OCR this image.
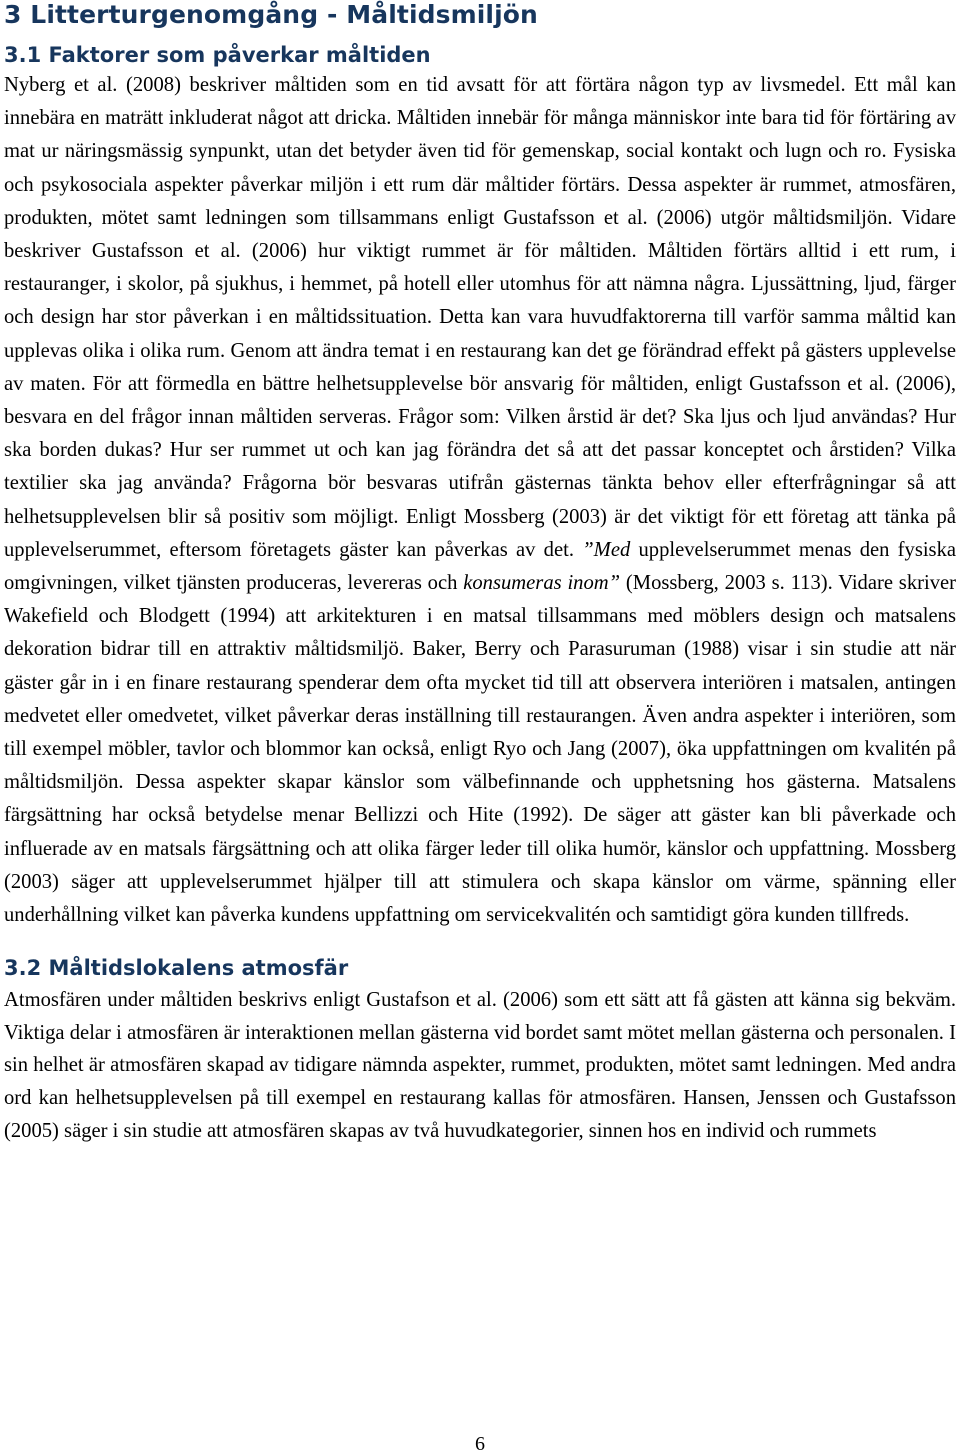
3 Litterturgenomgång - Måltidsmiljön
3.1 Faktorer som påverkar måltiden

Nyberg et al. (2008) beskriver måltiden som en tid avsatt för att förtära någon typ av livsmedel. Ett mål kan innebära en maträtt inkluderat något att dricka. Måltiden innebär för många människor inte bara tid för förtäring av mat ur näringsmässig synpunkt, utan det betyder även tid för gemenskap, social kontakt och lugn och ro. Fysiska och psykosociala aspekter påverkar miljön i ett rum där måltider förtärs. Dessa aspekter är rummet, atmosfären, produkten, mötet samt ledningen som tillsammans enligt Gustafsson et al. (2006) utgör måltidsmiljön. Vidare beskriver Gustafsson et al. (2006) hur viktigt rummet är för måltiden. Måltiden förtärs alltid i ett rum, i restauranger, i skolor, på sjukhus, i hemmet, på hotell eller utomhus för att nämna några. Ljussättning, ljud, färger och design har stor påverkan i en måltidssituation. Detta kan vara huvudfaktorerna till varför samma måltid kan upplevas olika i olika rum. Genom att ändra temat i en restaurang kan det ge förändrad effekt på gästers upplevelse av maten. För att förmedla en bättre helhetsupplevelse bör ansvarig för måltiden, enligt Gustafsson et al. (2006), besvara en del frågor innan måltiden serveras. Frågor som: Vilken årstid är det? Ska ljus och ljud användas? Hur ska borden dukas? Hur ser rummet ut och kan jag förändra det så att det passar konceptet och årstiden? Vilka textilier ska jag använda? Frågorna bör besvaras utifrån gästernas tänkta behov eller efterfrågningar så att helhetsupplevelsen blir så positiv som möjligt. Enligt Mossberg (2003) är det viktigt för ett företag att tänka på upplevelserummet, eftersom företagets gäster kan påverkas av det. ”Med upplevelserummet menas den fysiska omgivningen, vilket tjänsten produceras, levereras och konsumeras inom” (Mossberg, 2003 s. 113). Vidare skriver Wakefield och Blodgett (1994) att arkitekturen i en matsal tillsammans med möblers design och matsalens dekoration bidrar till en attraktiv måltidsmiljö. Baker, Berry och Parasuruman (1988) visar i sin studie att när gäster går in i en finare restaurang spenderar dem ofta mycket tid till att observera interiören i matsalen, antingen medvetet eller omedvetet, vilket påverkar deras inställning till restaurangen. Även andra aspekter i interiören, som till exempel möbler, tavlor och blommor kan också, enligt Ryo och Jang (2007), öka uppfattningen om kvalitén på måltidsmiljön. Dessa aspekter skapar känslor som välbefinnande och upphetsning hos gästerna. Matsalens färgsättning har också betydelse menar Bellizzi och Hite (1992). De säger att gäster kan bli påverkade och influerade av en matsals färgsättning och att olika färger leder till olika humör, känslor och uppfattning. Mossberg (2003) säger att upplevelserummet hjälper till att stimulera och skapa känslor om värme, spänning eller underhållning vilket kan påverka kundens uppfattning om servicekvalitén och samtidigt göra kunden tillfreds.

3.2 Måltidslokalens atmosfär

Atmosfären under måltiden beskrivs enligt Gustafson et al. (2006) som ett sätt att få gästen att känna sig bekväm. Viktiga delar i atmosfären är interaktionen mellan gästerna vid bordet samt mötet mellan gästerna och personalen. I sin helhet är atmosfären skapad av tidigare nämnda aspekter, rummet, produkten, mötet samt ledningen. Med andra ord kan helhetsupplevelsen på till exempel en restaurang kallas för atmosfären. Hansen, Jenssen och Gustafsson (2005) säger i sin studie att atmosfären skapas av två huvudkategorier, sinnen hos en individ och rummets

6
